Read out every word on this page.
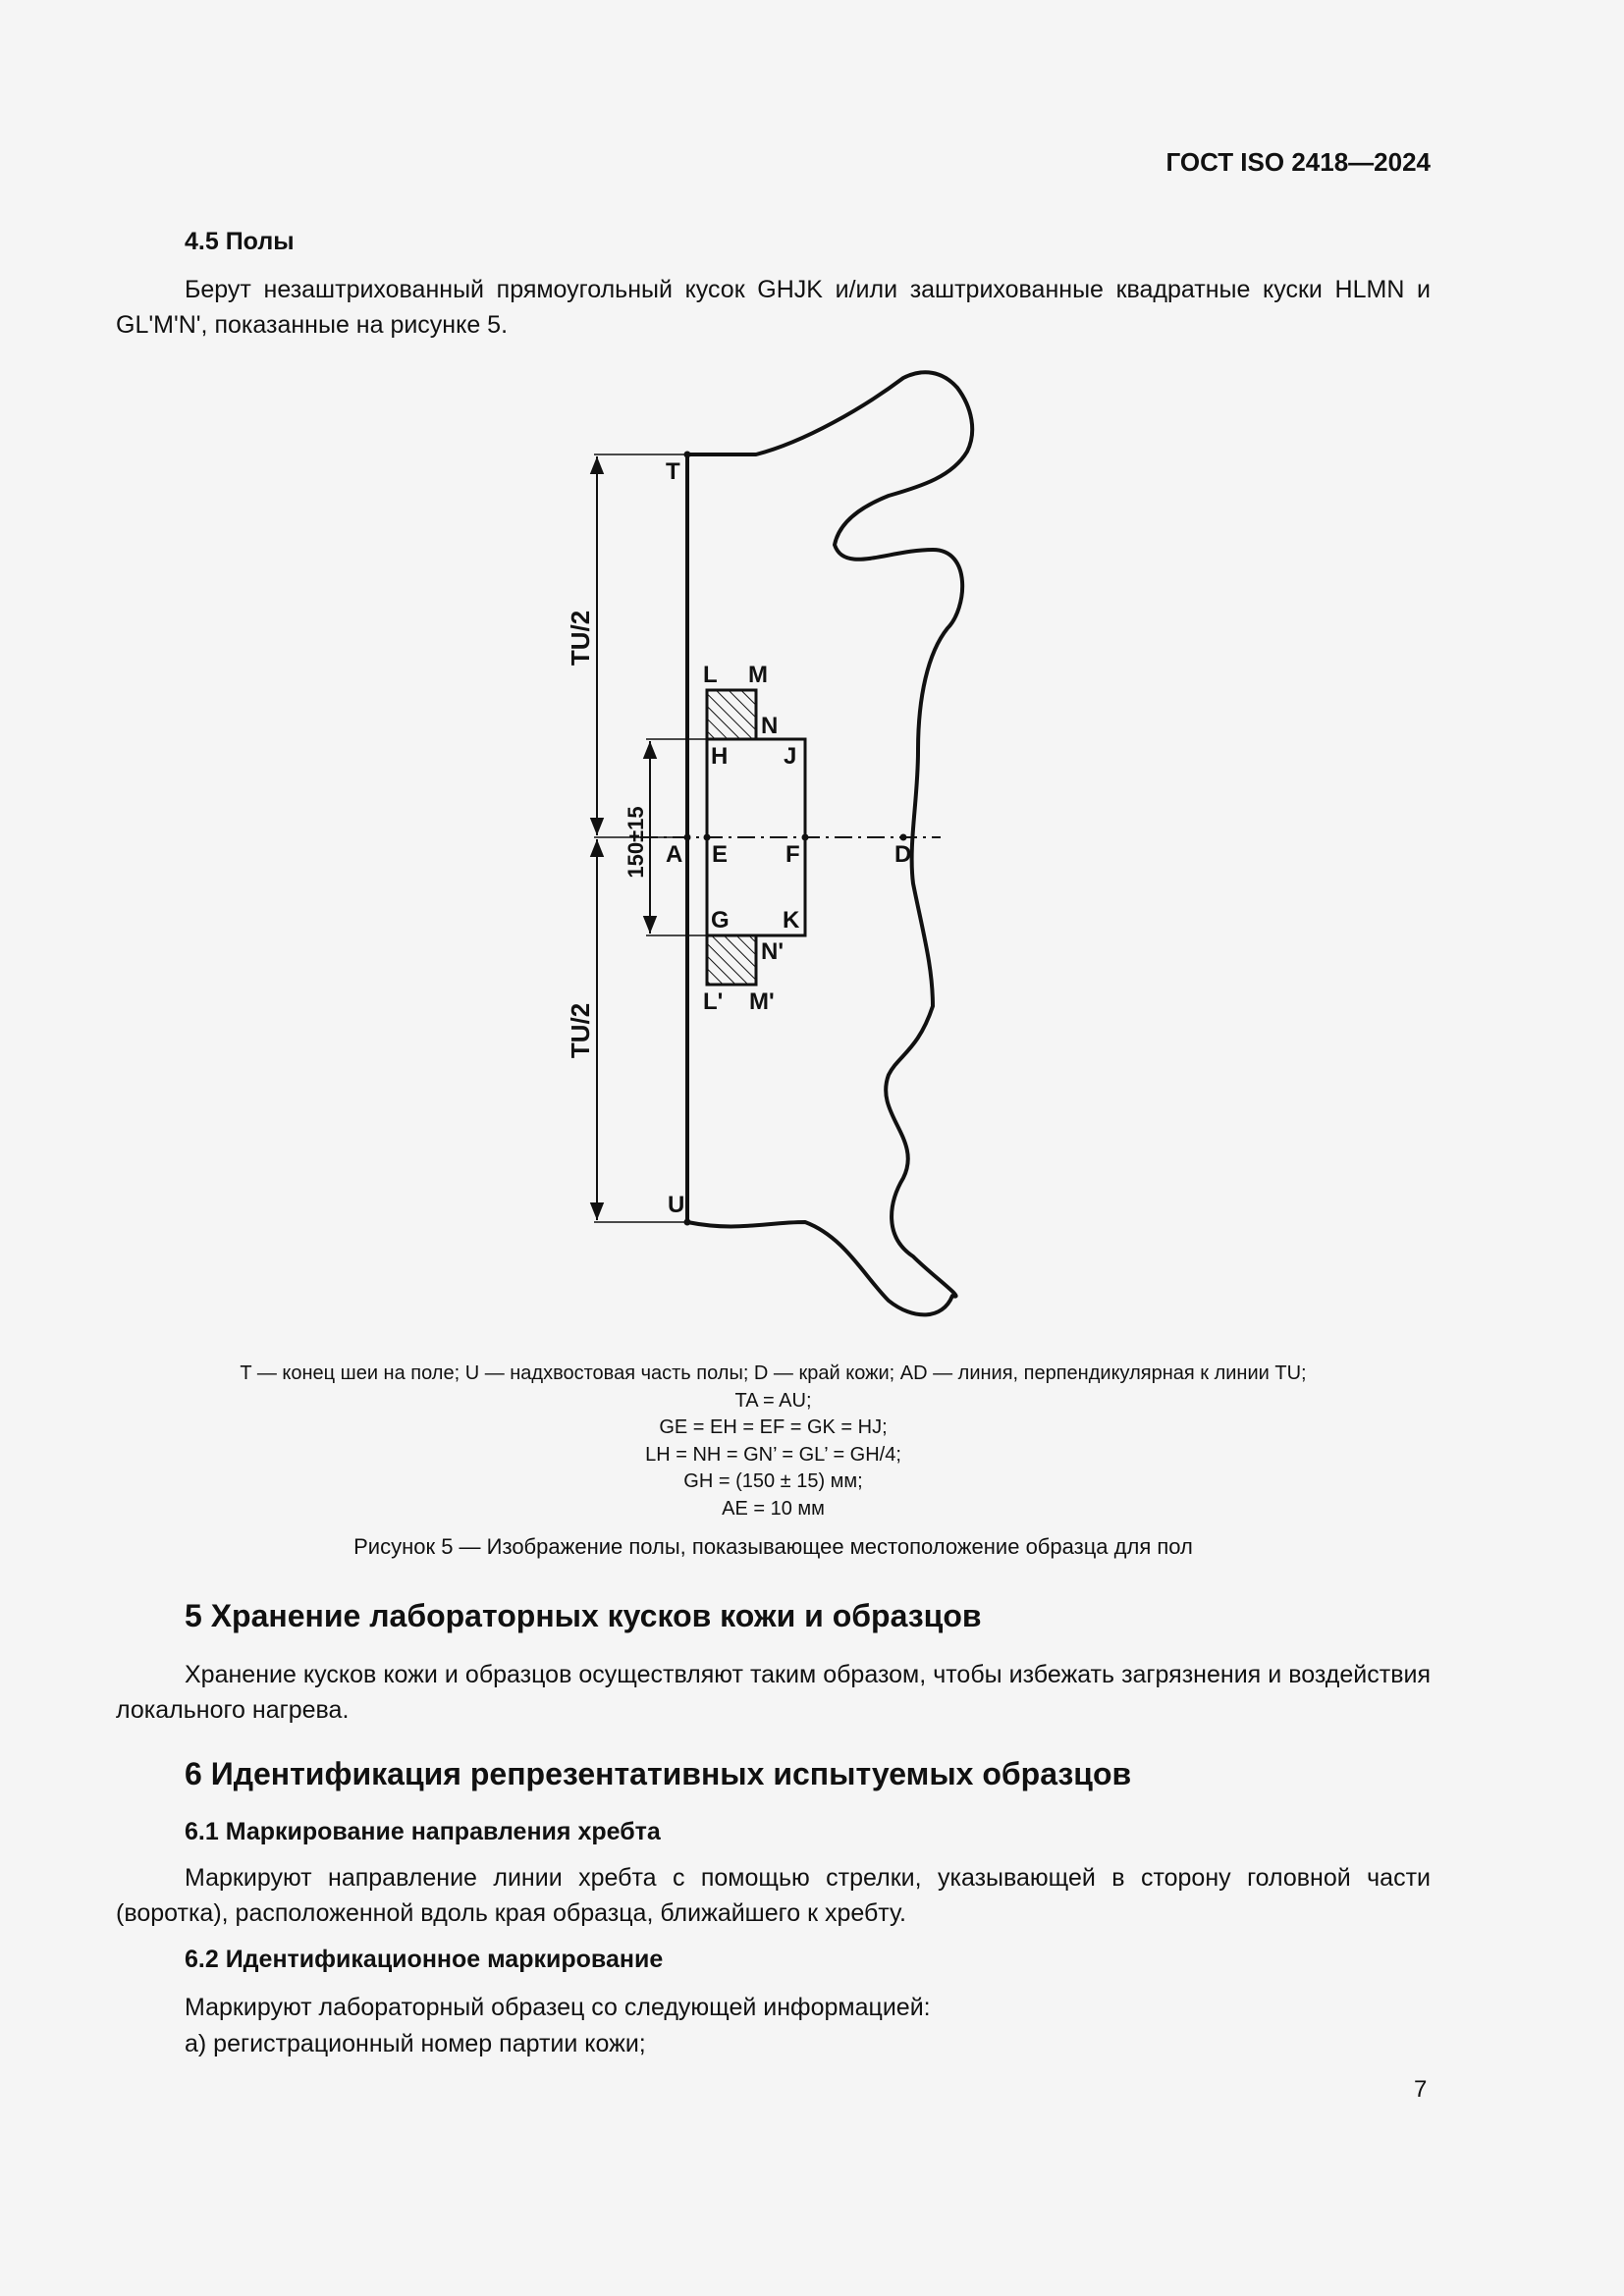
ГОСТ ISO 2418—2024
4.5 Полы
Берут незаштрихованный прямоугольный кусок GHJK и/или заштрихованные квадратные куски HLMN и GL'M'N', показанные на рисунке 5.
TU/2
TU/2
150±15
T
U
L M
N
H J
A E F	D
G K
N'
L' M'
T — конец шеи на поле; U — надхвостовая часть полы; D — край кожи; AD — линия, перпендикулярная к линии TU;
TA = AU;
GE = EH = EF = GK = HJ;
LH = NH = GN’ = GL’ = GH/4;
GH = (150 ± 15) мм;
AE = 10 мм
Рисунок 5 — Изображение полы, показывающее местоположение образца для пол
5 Хранение лабораторных кусков кожи и образцов
Хранение кусков кожи и образцов осуществляют таким образом, чтобы избежать загрязнения и воздействия локального нагрева.
6 Идентификация репрезентативных испытуемых образцов
6.1 Маркирование направления хребта
Маркируют направление линии хребта с помощью стрелки, указывающей в сторону головной части (воротка), расположенной вдоль края образца, ближайшего к хребту.
6.2 Идентификационное маркирование
Маркируют лабораторный образец со следующей информацией:
а) регистрационный номер партии кожи;
7
